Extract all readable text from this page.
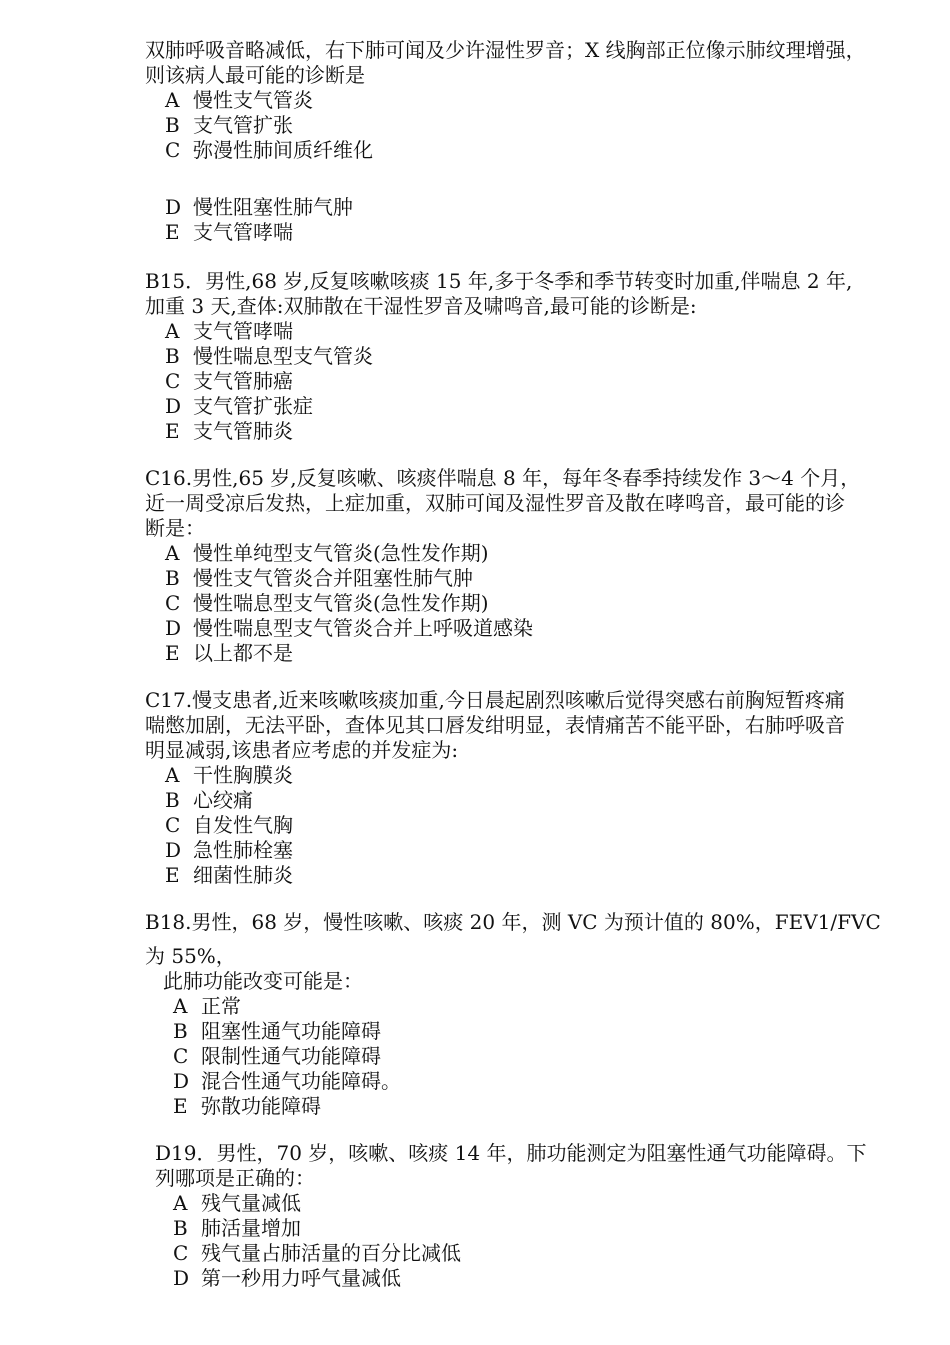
双肺呼吸音略减低，右下肺可闻及少许湿性罗音；X 线胸部正位像示肺纹理增强，

则该病人最可能的诊断是

A 慢性支气管炎

B 支气管扩张

C 弥漫性肺间质纤维化

D 慢性阻塞性肺气肿

E 支气管哮喘

B15．男性,68 岁,反复咳嗽咳痰 15 年,多于冬季和季节转变时加重,伴喘息 2 年,

加重 3 天,查体:双肺散在干湿性罗音及啸鸣音,最可能的诊断是:

A 支气管哮喘

B 慢性喘息型支气管炎

C 支气管肺癌

D 支气管扩张症

E 支气管肺炎

C16.男性,65 岁,反复咳嗽、咳痰伴喘息 8 年，每年冬春季持续发作 3～4 个月，

近一周受凉后发热，上症加重，双肺可闻及湿性罗音及散在哮鸣音，最可能的诊

断是：

A 慢性单纯型支气管炎(急性发作期)

B 慢性支气管炎合并阻塞性肺气肿

C 慢性喘息型支气管炎(急性发作期)

D 慢性喘息型支气管炎合并上呼吸道感染

E 以上都不是

C17.慢支患者,近来咳嗽咳痰加重,今日晨起剧烈咳嗽后觉得突感右前胸短暂疼痛

喘憋加剧，无法平卧，查体见其口唇发绀明显，表情痛苦不能平卧，右肺呼吸音

明显减弱,该患者应考虑的并发症为:

A 干性胸膜炎

B 心绞痛

C 自发性气胸

D 急性肺栓塞

E 细菌性肺炎

B18.男性，68 岁，慢性咳嗽、咳痰 20 年，测 VC 为预计值的 80%，FEV1/FVC

为 55%，

此肺功能改变可能是：

A 正常

B 阻塞性通气功能障碍

C 限制性通气功能障碍

D 混合性通气功能障碍。

E 弥散功能障碍

D19．男性，70 岁，咳嗽、咳痰 14 年，肺功能测定为阻塞性通气功能障碍。下

列哪项是正确的：

A 残气量减低

B 肺活量增加

C 残气量占肺活量的百分比减低

D 第一秒用力呼气量减低
